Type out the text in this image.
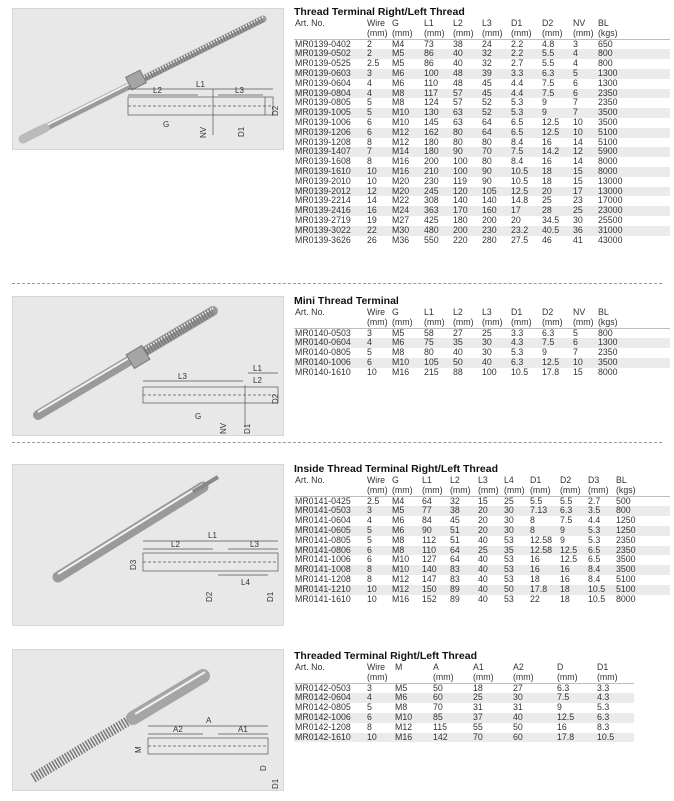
L1
L2	L3
G
NV	D1
D2
Thread Terminal Right/Left Thread
Art. No.	Wire	G	L1	L2	L3	D1	D2	NV	BL
	(mm)	(mm)	(mm)	(mm)	(mm)	(mm)	(mm)	(mm)	(kgs)
MR0139-0402	2	M4	73	38	24	2.2	4.8	3	650
MR0139-0502	2	M5	86	40	32	2.2	5.5	4	800
MR0139-0525	2.5	M5	86	40	32	2.7	5.5	4	800
MR0139-0603	3	M6	100	48	39	3.3	6.3	5	1300
MR0139-0604	4	M6	110	48	45	4.4	7.5	6	1300
MR0139-0804	4	M8	117	57	45	4.4	7.5	6	2350
MR0139-0805	5	M8	124	57	52	5.3	9	7	2350
MR0139-1005	5	M10	130	63	52	5.3	9	7	3500
MR0139-1006	6	M10	145	63	64	6.5	12.5	10	3500
MR0139-1206	6	M12	162	80	64	6.5	12.5	10	5100
MR0139-1208	8	M12	180	80	80	8.4	16	14	5100
MR0139-1407	7	M14	180	90	70	7.5	14.2	12	5900
MR0139-1608	8	M16	200	100	80	8.4	16	14	8000
MR0139-1610	10	M16	210	100	90	10.5	18	15	8000
MR0139-2010	10	M20	230	119	90	10.5	18	15	13000
MR0139-2012	12	M20	245	120	105	12.5	20	17	13000
MR0139-2214	14	M22	308	140	140	14.8	25	23	17000
MR0139-2416	16	M24	363	170	160	17	28	25	23000
MR0139-2719	19	M27	425	180	200	20	34.5	30	25500
MR0139-3022	22	M30	480	200	230	23.2	40.5	36	31000
MR0139-3626	26	M36	550	220	280	27.5	46	41	43000
L1
L2
L3
G
NV D1
D2
Mini Thread Terminal
Art. No.	Wire	G	L1	L2	L3	D1	D2	NV	BL
	(mm)	(mm)	(mm)	(mm)	(mm)	(mm)	(mm)	(mm)	(kgs)
MR0140-0503	3	M5	58	27	25	3.3	6.3	5	800
MR0140-0604	4	M6	75	35	30	4.3	7.5	6	1300
MR0140-0805	5	M8	80	40	30	5.3	9	7	2350
MR0140-1006	6	M10	105	50	40	6.3	12.5	10	3500
MR0140-1610	10	M16	215	88	100	10.5	17.8	15	8000
L1
L2	L3
L4
D1
D2
D3
Inside Thread Terminal Right/Left Thread
Art. No.	Wire	G	L1	L2	L3	L4	D1	D2	D3	BL
	(mm)	(mm)	(mm)	(mm)	(mm)	(mm)	(mm)	(mm)	(mm)	(kgs)
MR0141-0425	2.5	M4	64	32	15	25	5.5	5.5	2.7	500
MR0141-0503	3	M5	77	38	20	30	7.13	6.3	3.5	800
MR0141-0604	4	M6	84	45	20	30	8	7.5	4.4	1250
MR0141-0605	5	M6	90	51	20	30	8	9	5.3	1250
MR0141-0805	5	M8	112	51	40	53	12.58	9	5.3	2350
MR0141-0806	6	M8	110	64	25	35	12.58	12.5	6.5	2350
MR0141-1006	6	M10	127	64	40	53	16	12.5	6.5	3500
MR0141-1008	8	M10	140	83	40	53	16	16	8.4	3500
MR0141-1208	8	M12	147	83	40	53	18	16	8.4	5100
MR0141-1210	10	M12	150	89	40	50	17.8	18	10.5	5100
MR0141-1610	10	M16	152	89	40	53	22	18	10.5	8000
A
A1
A2
M
D
D1
Threaded Terminal Right/Left Thread
Art. No.	Wire	M	A	A1	A2	D	D1
	(mm)		(mm)	(mm)	(mm)	(mm)	(mm)
MR0142-0503	3	M5	50	18	27	6.3	3.3
MR0142-0604	4	M6	60	25	30	7.5	4.3
MR0142-0805	5	M8	70	31	31	9	5.3
MR0142-1006	6	M10	85	37	40	12.5	6.3
MR0142-1208	8	M12	115	55	50	16	8.3
MR0142-1610	10	M16	142	70	60	17.8	10.5
